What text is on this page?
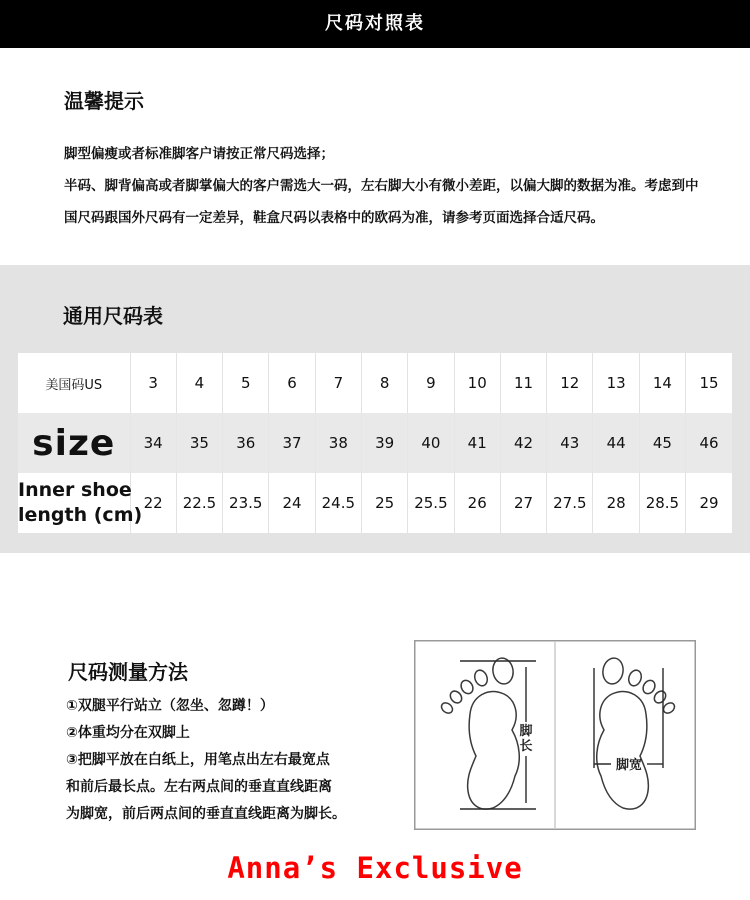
尺码对照表
温馨提示
脚型偏瘦或者标准脚客户请按正常尺码选择；
半码、脚背偏高或者脚掌偏大的客户需选大一码，左右脚大小有微小差距，以偏大脚的数据为准。考虑到中
国尺码跟国外尺码有一定差异，鞋盒尺码以表格中的欧码为准，请参考页面选择合适尺码。
通用尺码表
美国码US	3	4	5	6	7	8	9	10	11	12	13	14	15
size	34	35	36	37	38	39	40	41	42	43	44	45	46

Inner shoe
length (cm)	22	22.5	23.5	24	24.5	25	25.5	26	27	27.5	28	28.5	29
尺码测量方法
①双腿平行站立（忽坐、忽蹲！）
②体重均分在双脚上
③把脚平放在白纸上，用笔点出左右最宽点
和前后最长点。左右两点间的垂直直线距离
为脚宽，前后两点间的垂直直线距离为脚长。
脚
长
脚宽
Anna’s Exclusive
